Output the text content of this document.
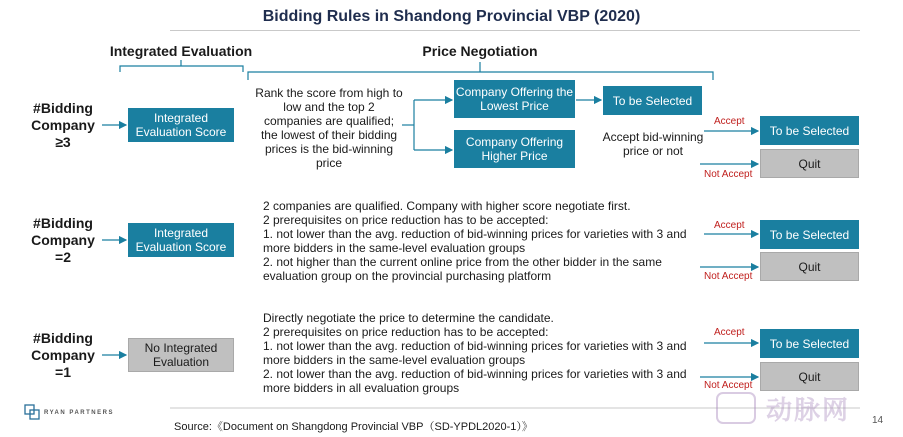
Bidding Rules in Shandong Provincial VBP (2020)
Integrated Evaluation	Price Negotiation
#Bidding
Company
≥3
Integrated Evaluation Score
Rank the score from high to low and the top 2 companies are qualified; the lowest of their bidding prices is the bid-winning price
Company Offering the Lowest Price	To be Selected
Company Offering Higher Price
Accept bid-winning price or not
Accept
Not Accept
To be Selected
Quit
#Bidding
Company
=2
Integrated Evaluation Score
2 companies are qualified. Company with higher score negotiate first.
2 prerequisites on price reduction has to be accepted:
1. not lower than the avg. reduction of bid-winning prices for varieties with 3 and
more bidders in the same-level evaluation groups
2. not higher than the current online price from the other bidder in the same
evaluation group on the provincial purchasing platform
Accept
Not Accept
To be Selected
Quit
#Bidding
Company
=1
No Integrated Evaluation
Directly negotiate the price to determine the candidate.
2 prerequisites on price reduction has to be accepted:
1. not lower than the avg. reduction of bid-winning prices for varieties with 3 and
more bidders in the same-level evaluation groups
2. not lower than the avg. reduction of bid-winning prices for varieties with 3 and
more bidders in all evaluation groups
Accept
Not Accept
To be Selected
Quit
RYAN PARTNERS
Source:《Document on Shangdong Provincial VBP（SD-YPDL2020-1）》
14
动脉网
